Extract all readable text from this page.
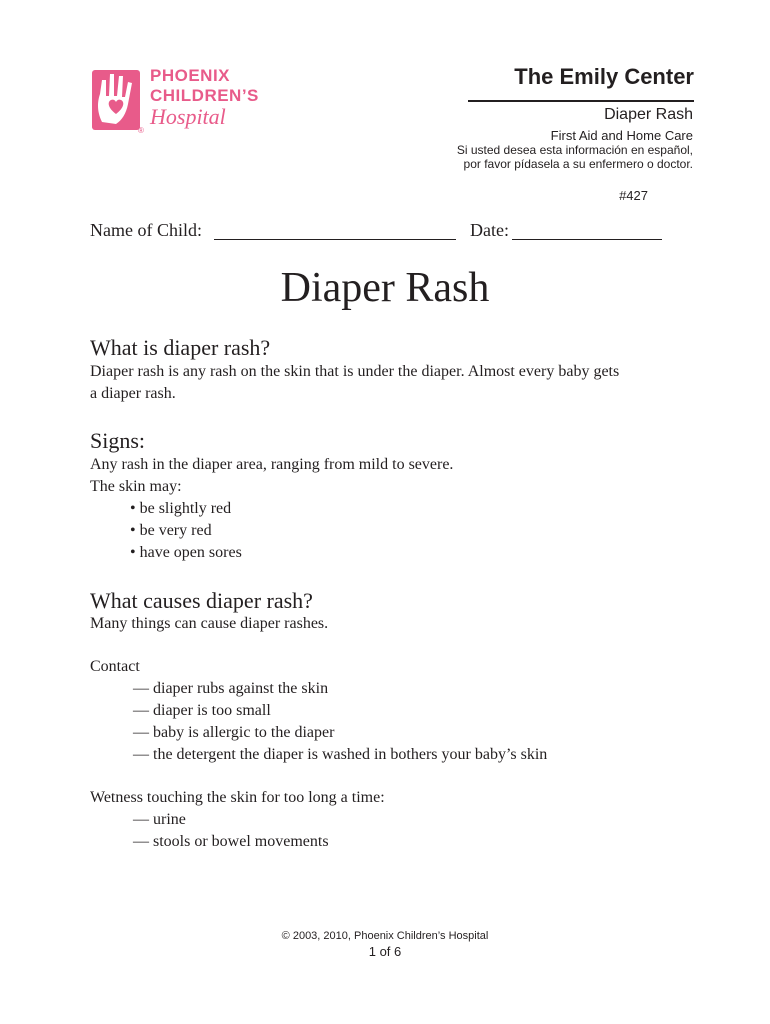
PHOENIX
CHILDREN’S
Hospital
®
The Emily Center
Diaper Rash
First Aid and Home Care
Si usted desea esta información en español,
por favor pídasela a su enfermero o doctor.
#427
Name of Child:	Date:
Diaper Rash
What is diaper rash?
Diaper rash is any rash on the skin that is under the diaper. Almost every baby gets
a diaper rash.
Signs:
Any rash in the diaper area, ranging from mild to severe.
The skin may:
• be slightly red
• be very red
• have open sores
What causes diaper rash?
Many things can cause diaper rashes.
Contact
— diaper rubs against the skin
— diaper is too small
— baby is allergic to the diaper
— the detergent the diaper is washed in bothers your baby’s skin
Wetness touching the skin for too long a time:
— urine
— stools or bowel movements
© 2003, 2010, Phoenix Children’s Hospital
1 of 6
